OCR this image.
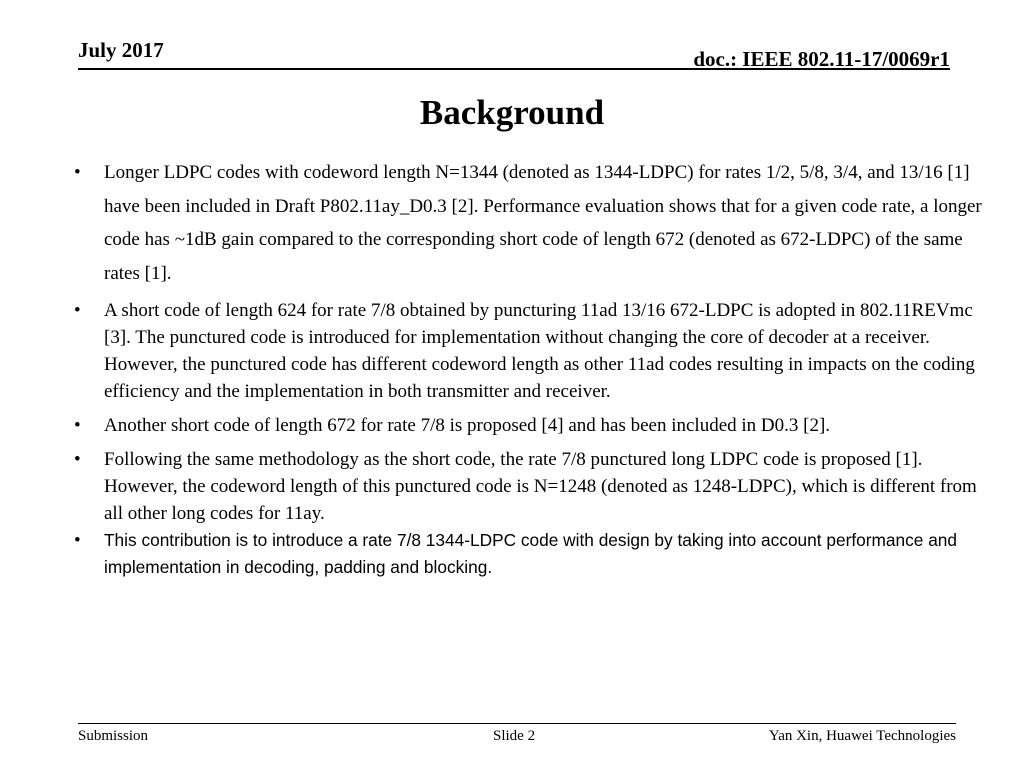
July 2017	doc.: IEEE 802.11-17/0069r1
Background
•	Longer LDPC codes with codeword length N=1344 (denoted as 1344-LDPC) for rates 1/2, 5/8, 3/4, and 13/16 [1] have been included in Draft P802.11ay_D0.3 [2]. Performance evaluation shows that for a given code rate, a longer code has ~1dB gain compared to the corresponding short code of length 672 (denoted as 672-LDPC) of the same rates [1].
•	A short code of length 624 for rate 7/8 obtained by puncturing 11ad 13/16 672-LDPC is adopted in 802.11REVmc [3]. The punctured code is introduced for implementation without changing the core of decoder at a receiver. However, the punctured code has different codeword length as other 11ad codes resulting in impacts on the coding efficiency and the implementation in both transmitter and receiver.
•	Another short code of length 672 for rate 7/8 is proposed [4] and has been included in D0.3 [2].
•	Following the same methodology as the short code, the rate 7/8 punctured long LDPC code is proposed [1]. However, the codeword length of this punctured code is N=1248 (denoted as 1248-LDPC), which is different from all other long codes for 11ay.
•	This contribution is to introduce a rate 7/8 1344-LDPC code with design by taking into account performance and implementation in decoding, padding and blocking.
Submission	Slide 2	Yan Xin, Huawei Technologies
